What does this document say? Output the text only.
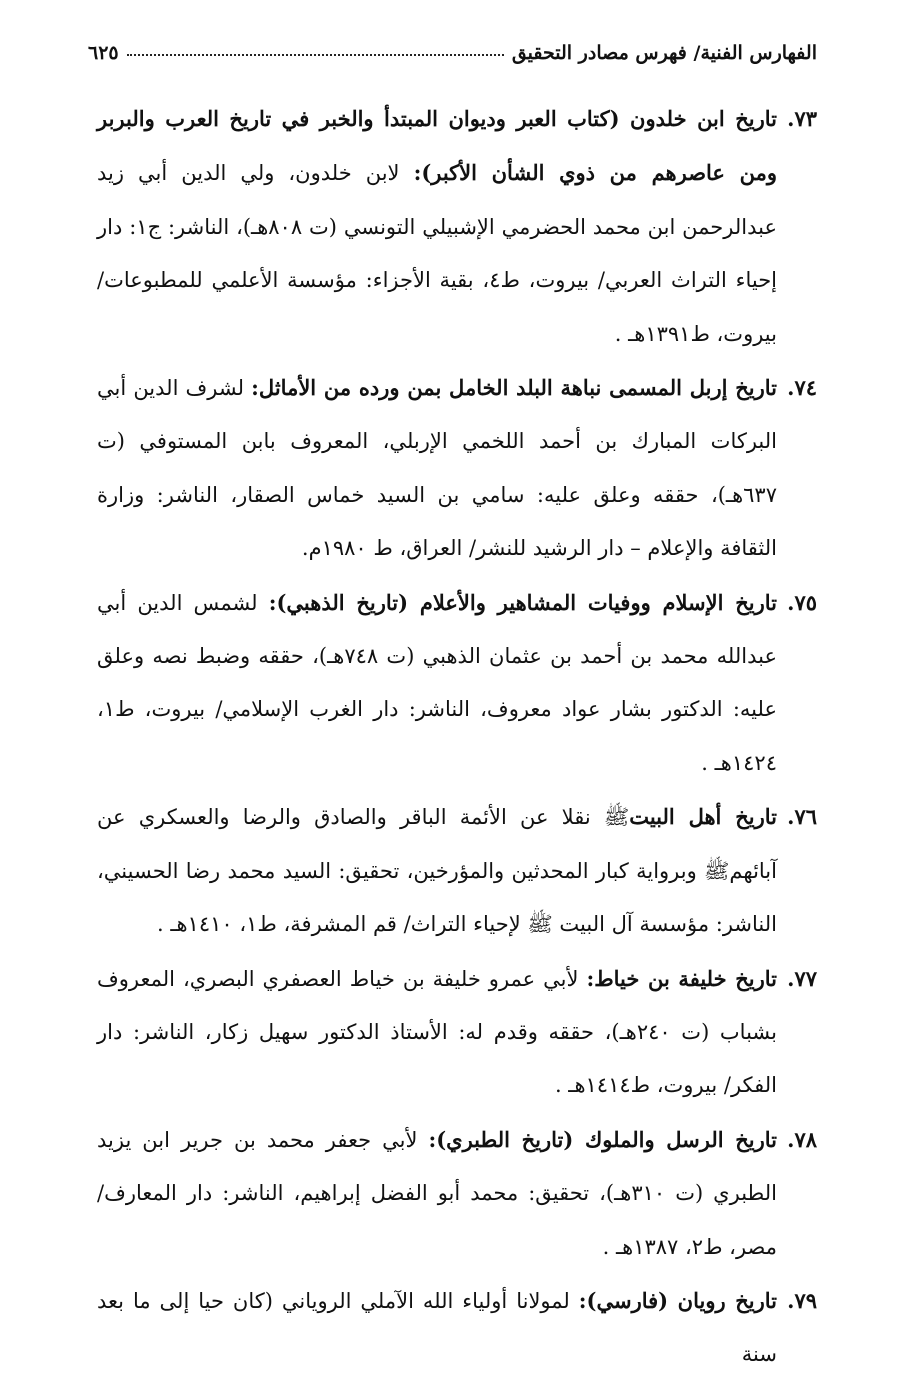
الفهارس الفنية/ فهرس مصادر التحقيق
٦٢٥
٧٣.
تاريخ ابن خلدون (كتاب العبر وديوان المبتدأ والخبر في تاريخ العرب والبربر ومن عاصرهم من ذوي الشأن الأكبر): لابن خلدون، ولي الدين أبي زيد عبدالرحمن ابن محمد الحضرمي الإشبيلي التونسي (ت ٨٠٨هـ)، الناشر: ج١: دار إحياء التراث العربي/ بيروت، ط٤، بقية الأجزاء: مؤسسة الأعلمي للمطبوعات/ بيروت، ط١٣٩١هـ .
٧٤.
تاريخ إربل المسمى نباهة البلد الخامل بمن ورده من الأماثل: لشرف الدين أبي البركات المبارك بن أحمد اللخمي الإربلي، المعروف بابن المستوفي (ت ٦٣٧هـ)، حققه وعلق عليه: سامي بن السيد خماس الصقار، الناشر: وزارة الثقافة والإعلام – دار الرشيد للنشر/ العراق، ط ١٩٨٠م.
٧٥.
تاريخ الإسلام ووفيات المشاهير والأعلام (تاريخ الذهبي): لشمس الدين أبي عبدالله محمد بن أحمد بن عثمان الذهبي (ت ٧٤٨هـ)، حققه وضبط نصه وعلق عليه: الدكتور بشار عواد معروف، الناشر: دار الغرب الإسلامي/ بيروت، ط١، ١٤٢٤هـ .
٧٦.
تاريخ أهل البيتﷺ نقلا عن الأئمة الباقر والصادق والرضا والعسكري عن آبائهمﷺ وبرواية كبار المحدثين والمؤرخين، تحقيق: السيد محمد رضا الحسيني، الناشر: مؤسسة آل البيت ﷺ لإحياء التراث/ قم المشرفة، ط١، ١٤١٠هـ .
٧٧.
تاريخ خليفة بن خياط: لأبي عمرو خليفة بن خياط العصفري البصري، المعروف بشباب (ت ٢٤٠هـ)، حققه وقدم له: الأستاذ الدكتور سهيل زكار، الناشر: دار الفكر/ بيروت، ط١٤١٤هـ .
٧٨.
تاريخ الرسل والملوك (تاريخ الطبري): لأبي جعفر محمد بن جرير ابن يزيد الطبري (ت ٣١٠هـ)، تحقيق: محمد أبو الفضل إبراهيم، الناشر: دار المعارف/ مصر، ط٢، ١٣٨٧هـ .
٧٩.
تاريخ رويان (فارسي): لمولانا أولياء الله الآملي الروياني (كان حيا إلى ما بعد سنة
